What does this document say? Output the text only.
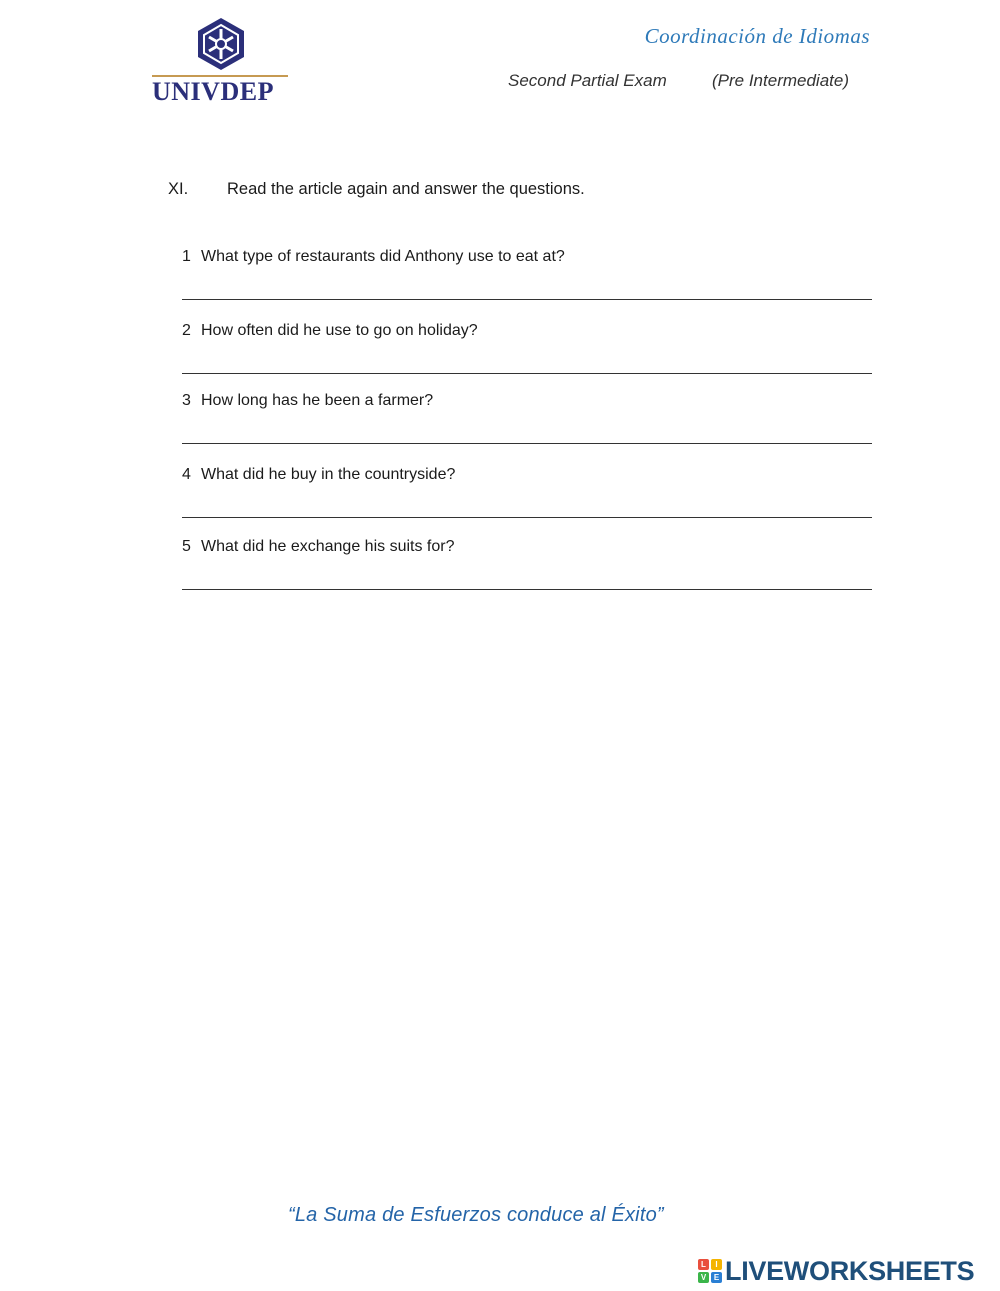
UNIVDEP
Coordinación de Idiomas
Second Partial Exam	(Pre Intermediate)
XI. Read the article again and answer the questions.
1 What type of restaurants did Anthony use to eat at?
2 How often did he use to go on holiday?
3 How long has he been a farmer?
4 What did he buy in the countryside?
5 What did he exchange his suits for?
“La Suma de Esfuerzos conduce al Éxito”
L	I
V E LIVEWORKSHEETS
